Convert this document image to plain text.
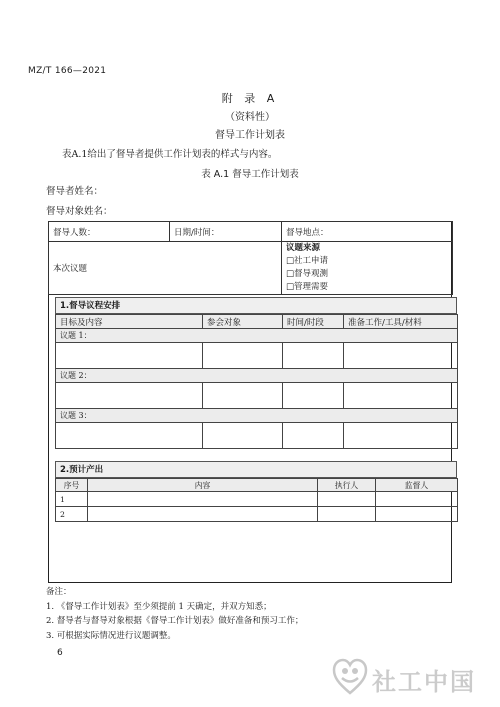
MZ/T 166—2021
附 录 A
（资料性）
督导工作计划表
表A.1给出了督导者提供工作计划表的样式与内容。
表 A.1 督导工作计划表
督导者姓名：
督导对象姓名：
督导人数：	日期/时间：	督导地点：
本次议题		议题来源
□社工申请
□督导观测
□管理需要
1.督导议程安排
目标及内容	参会对象	时间/时段	准备工作/工具/材料
议题 1：			

议题 2：			

议题 3：			

2.预计产出
序号	内容	执行人	监督人
1			
2			
备注：
1. 《督导工作计划表》至少须提前 1 天确定，并双方知悉；
2. 督导者与督导对象根据《督导工作计划表》做好准备和预习工作；
3. 可根据实际情况进行议题调整。
6
社工中国
